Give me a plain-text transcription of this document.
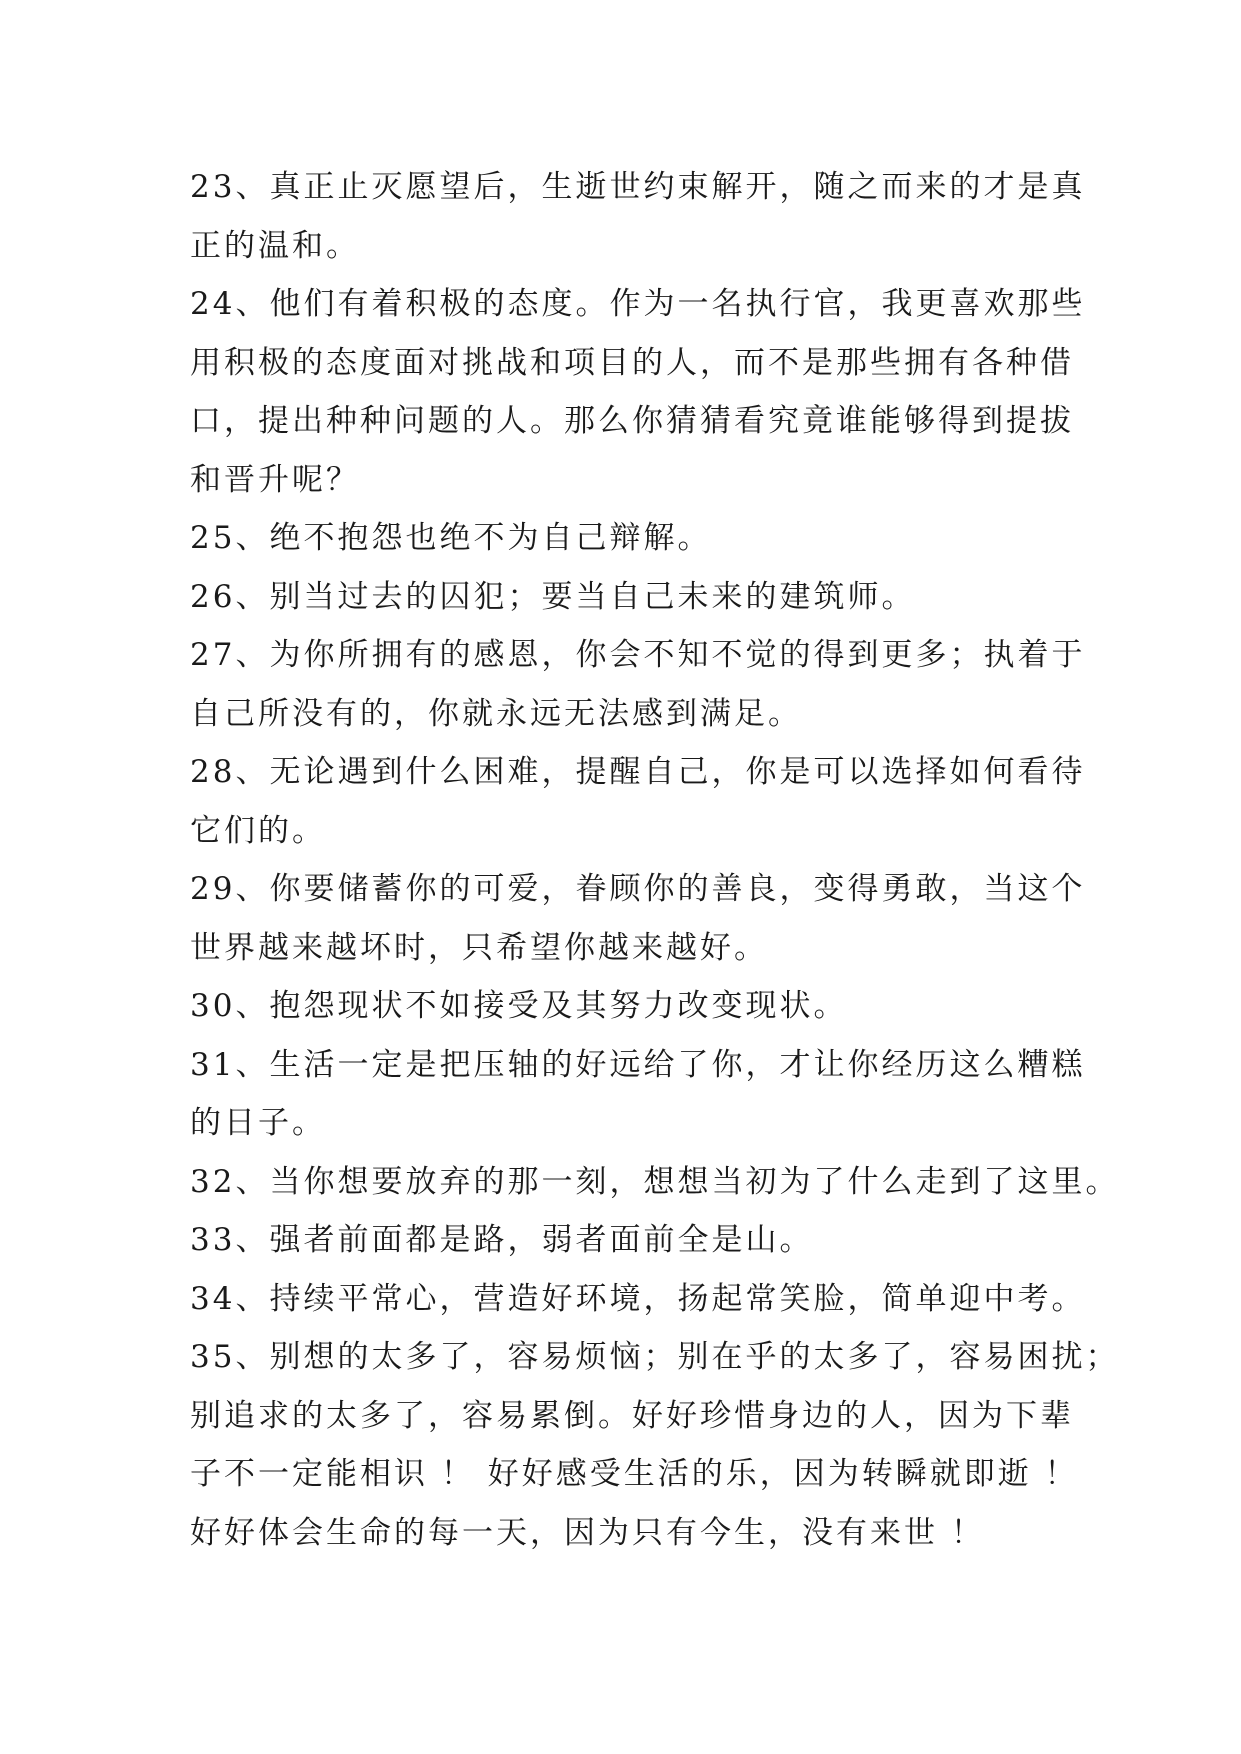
23、真正止灭愿望后，生逝世约束解开，随之而来的才是真
正的温和。
24、他们有着积极的态度。作为一名执行官，我更喜欢那些
用积极的态度面对挑战和项目的人，而不是那些拥有各种借
口，提出种种问题的人。那么你猜猜看究竟谁能够得到提拔
和晋升呢？
25、绝不抱怨也绝不为自己辩解。
26、别当过去的囚犯；要当自己未来的建筑师。
27、为你所拥有的感恩，你会不知不觉的得到更多；执着于
自己所没有的，你就永远无法感到满足。
28、无论遇到什么困难，提醒自己，你是可以选择如何看待
它们的。
29、你要储蓄你的可爱，眷顾你的善良，变得勇敢，当这个
世界越来越坏时，只希望你越来越好。
30、抱怨现状不如接受及其努力改变现状。
31、生活一定是把压轴的好远给了你，才让你经历这么糟糕
的日子。
32、当你想要放弃的那一刻，想想当初为了什么走到了这里。
33、强者前面都是路，弱者面前全是山。
34、持续平常心，营造好环境，扬起常笑脸，简单迎中考。
35、别想的太多了，容易烦恼；别在乎的太多了，容易困扰；
别追求的太多了，容易累倒。好好珍惜身边的人，因为下辈
子不一定能相识 ！ 好好感受生活的乐，因为转瞬就即逝 ！
好好体会生命的每一天，因为只有今生，没有来世 ！
